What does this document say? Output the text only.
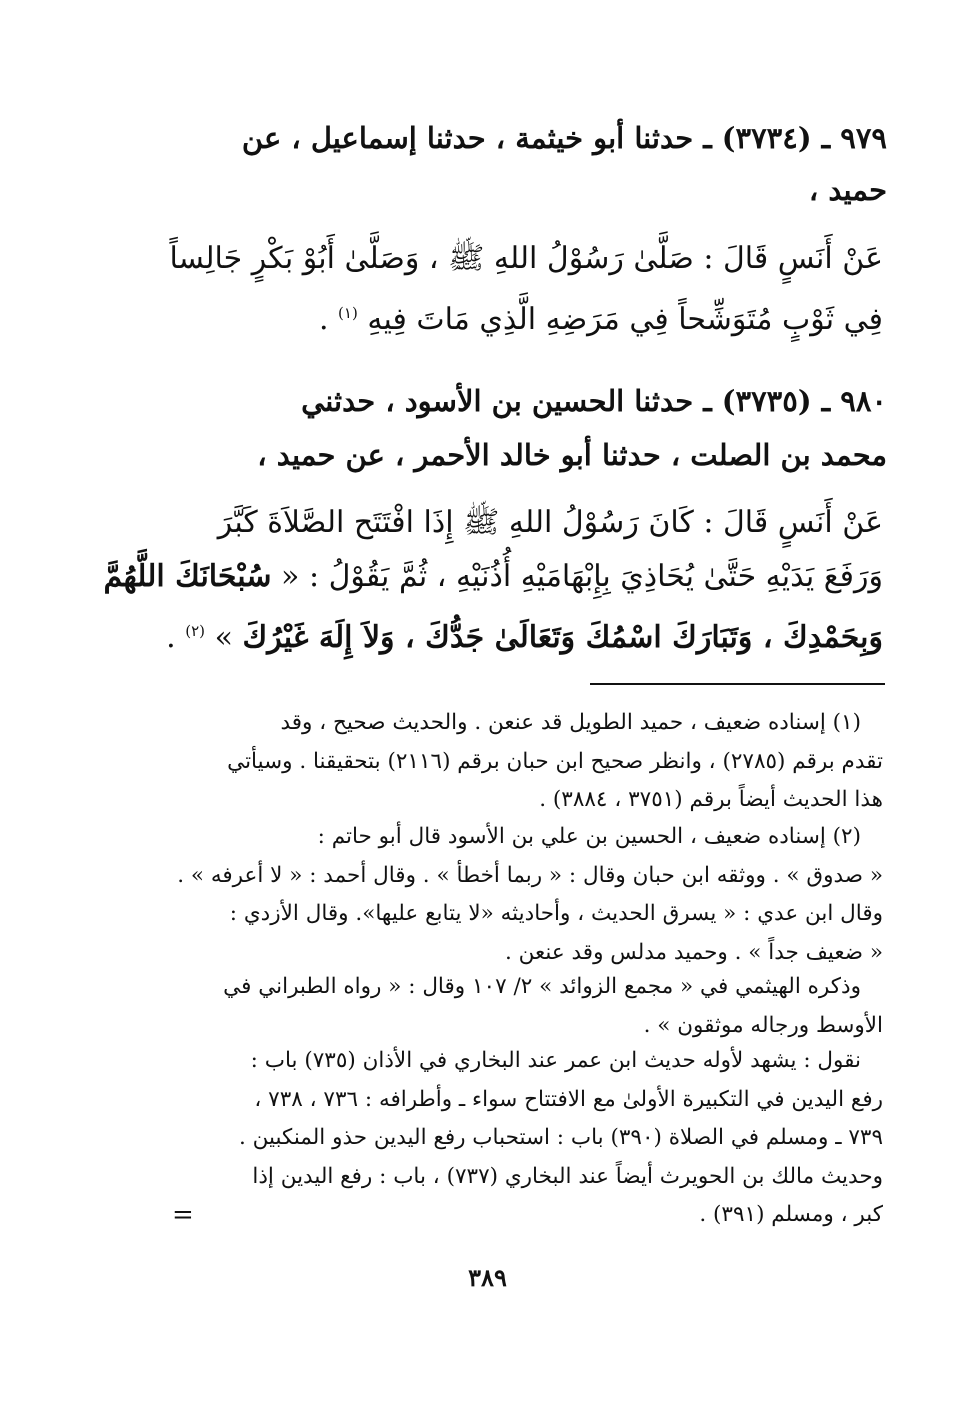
٩٧٩ ـ (٣٧٣٤) ـ حدثنا أبو خيثمة ، حدثنا إسماعيل ، عن
حميد ،
عَنْ أَنَسٍ قَالَ : صَلَّىٰ رَسُوْلُ اللهِ ﷺ ، وَصَلَّىٰ أَبُوْ بَكْرٍ جَالِساً
فِي ثَوْبٍ مُتَوَشِّحاً فِي مَرَضِهِ الَّذِي مَاتَ فِيهِ $^{(١)}$ .
٩٨٠ ـ (٣٧٣٥) ـ حدثنا الحسين بن الأسود ، حدثني
محمد بن الصلت ، حدثنا أبو خالد الأحمر ، عن حميد ،
عَنْ أَنَسٍ قَالَ : كَانَ رَسُوْلُ اللهِ ﷺ إِذَا افْتَتَح الصَّلاَةَ كَبَّرَ
وَرَفَعَ يَدَيْهِ حَتَّىٰ يُحَاذِيَ بِإِبْهَامَيْهِ أُذُنَيْهِ ، ثُمَّ يَقُوْلُ : « سُبْحَانَكَ اللَّهُمَّ
وَبِحَمْدِكَ ، وَتَبَارَكَ اسْمُكَ وَتَعَالَىٰ جَدُّكَ ، وَلاَ إِلَهَ غَيْرُكَ » $^{(٢)}$ .
(١) إسناده ضعيف ، حميد الطويل قد عنعن . والحديث صحيح ، وقد
تقدم برقم (٢٧٨٥) ، وانظر صحيح ابن حبان برقم (٢١١٦) بتحقيقنا . وسيأتي
هذا الحديث أيضاً برقم (٣٧٥١ ، ٣٨٨٤) .
(٢) إسناده ضعيف ، الحسين بن علي بن الأسود قال أبو حاتم :
« صدوق » . ووثقه ابن حبان وقال : « ربما أخطأ » . وقال أحمد : « لا أعرفه » .
وقال ابن عدي : « يسرق الحديث ، وأحاديثه «لا يتابع عليها». وقال الأزدي :
« ضعيف جداً » . وحميد مدلس وقد عنعن .
وذكره الهيثمي في « مجمع الزوائد » ٢/ ١٠٧ وقال : « رواه الطبراني في
الأوسط ورجاله موثقون » .
نقول : يشهد لأوله حديث ابن عمر عند البخاري في الأذان (٧٣٥) باب :
رفع اليدين في التكبيرة الأولىٰ مع الافتتاح سواء ـ وأطرافه : ٧٣٦ ، ٧٣٨ ،
٧٣٩ ـ ومسلم في الصلاة (٣٩٠) باب : استحباب رفع اليدين حذو المنكبين .
وحديث مالك بن الحويرث أيضاً عند البخاري (٧٣٧) ، باب : رفع اليدين إذا
كبر ، ومسلم (٣٩١) .
=
٣٨٩
